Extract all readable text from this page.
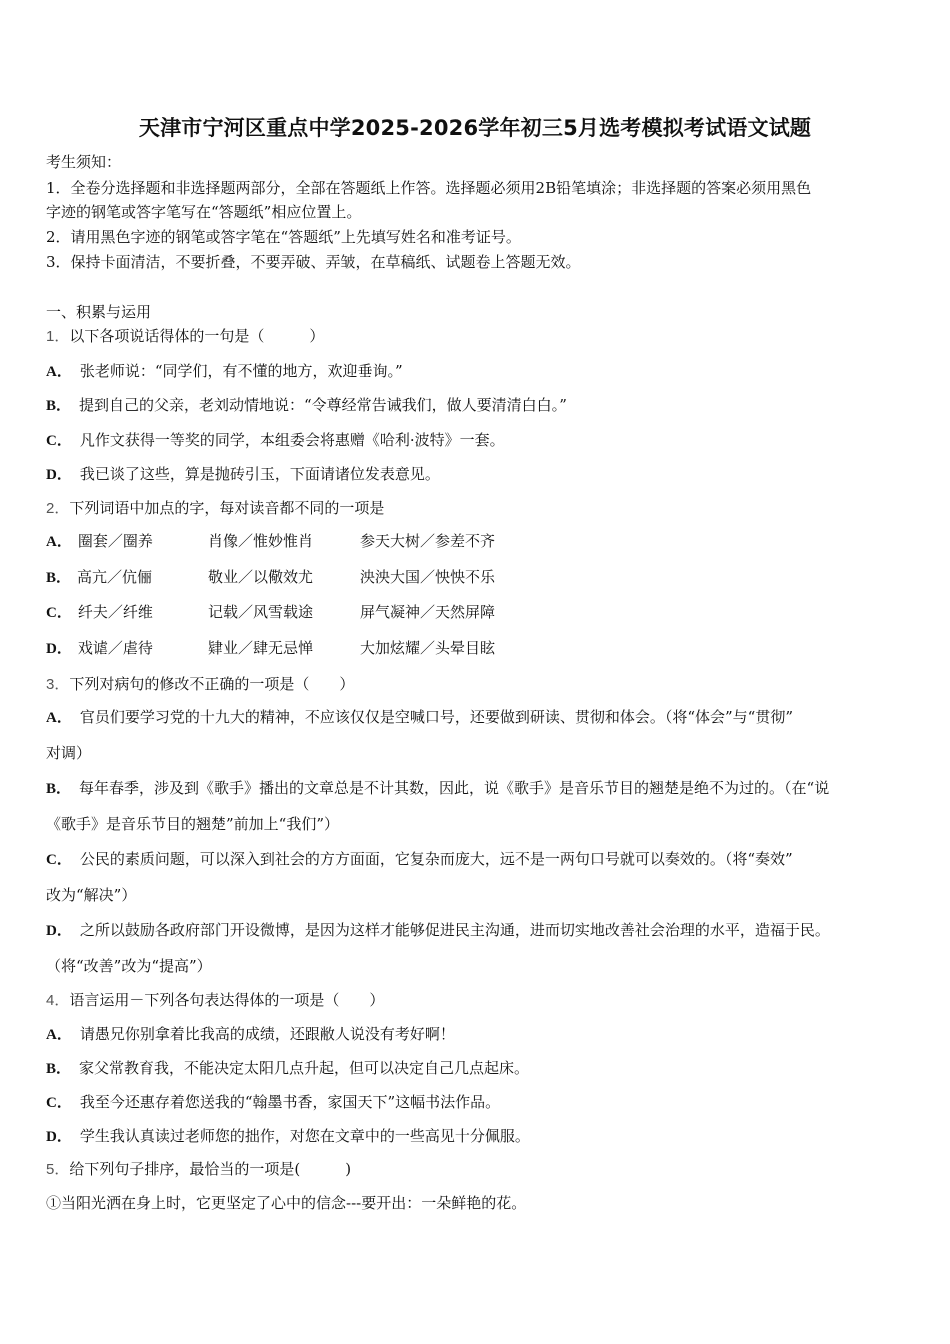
天津市宁河区重点中学2025-2026学年初三5月选考模拟考试语文试题
考生须知：
1．全卷分选择题和非选择题两部分，全部在答题纸上作答。选择题必须用2B铅笔填涂；非选择题的答案必须用黑色
字迹的钢笔或答字笔写在“答题纸”相应位置上。
2．请用黑色字迹的钢笔或答字笔在“答题纸”上先填写姓名和准考证号。
3．保持卡面清洁，不要折叠，不要弄破、弄皱，在草稿纸、试题卷上答题无效。
一、积累与运用
1．以下各项说话得体的一句是（　　　）
A． 张老师说：“同学们，有不懂的地方，欢迎垂询。”
B． 提到自己的父亲，老刘动情地说：“令尊经常告诫我们，做人要清清白白。”
C． 凡作文获得一等奖的同学，本组委会将惠赠《哈利·波特》一套。
D． 我已谈了这些，算是抛砖引玉，下面请诸位发表意见。
2．下列词语中加点的字，每对读音都不同的一项是
A． 圈套／圈养	肖像／惟妙惟肖	参天大树／参差不齐
B． 高亢／伉俪	敬业／以儆效尤	泱泱大国／怏怏不乐
C． 纤夫／纤维	记载／风雪载途	屏气凝神／天然屏障
D． 戏谑／虐待	肄业／肆无忌惮	大加炫耀／头晕目眩
3．下列对病句的修改不正确的一项是（　　）
A． 官员们要学习党的十九大的精神，不应该仅仅是空喊口号，还要做到研读、贯彻和体会。（将“体会”与“贯彻”
对调）
B． 每年春季，涉及到《歌手》播出的文章总是不计其数，因此，说《歌手》是音乐节目的翘楚是绝不为过的。（在“说
《歌手》是音乐节目的翘楚”前加上“我们”）
C． 公民的素质问题，可以深入到社会的方方面面，它复杂而庞大，远不是一两句口号就可以奏效的。（将“奏效”
改为“解决”）
D． 之所以鼓励各政府部门开设微博，是因为这样才能够促进民主沟通，进而切实地改善社会治理的水平，造福于民。
（将“改善”改为“提高”）
4．语言运用－下列各句表达得体的一项是（　　）
A． 请愚兄你别拿着比我高的成绩，还跟敝人说没有考好啊！
B． 家父常教育我，不能决定太阳几点升起，但可以决定自己几点起床。
C． 我至今还惠存着您送我的“翰墨书香，家国天下”这幅书法作品。
D． 学生我认真读过老师您的拙作，对您在文章中的一些高见十分佩服。
5．给下列句子排序，最恰当的一项是(　　　)
①当阳光洒在身上时，它更坚定了心中的信念---要开出：一朵鲜艳的花。
